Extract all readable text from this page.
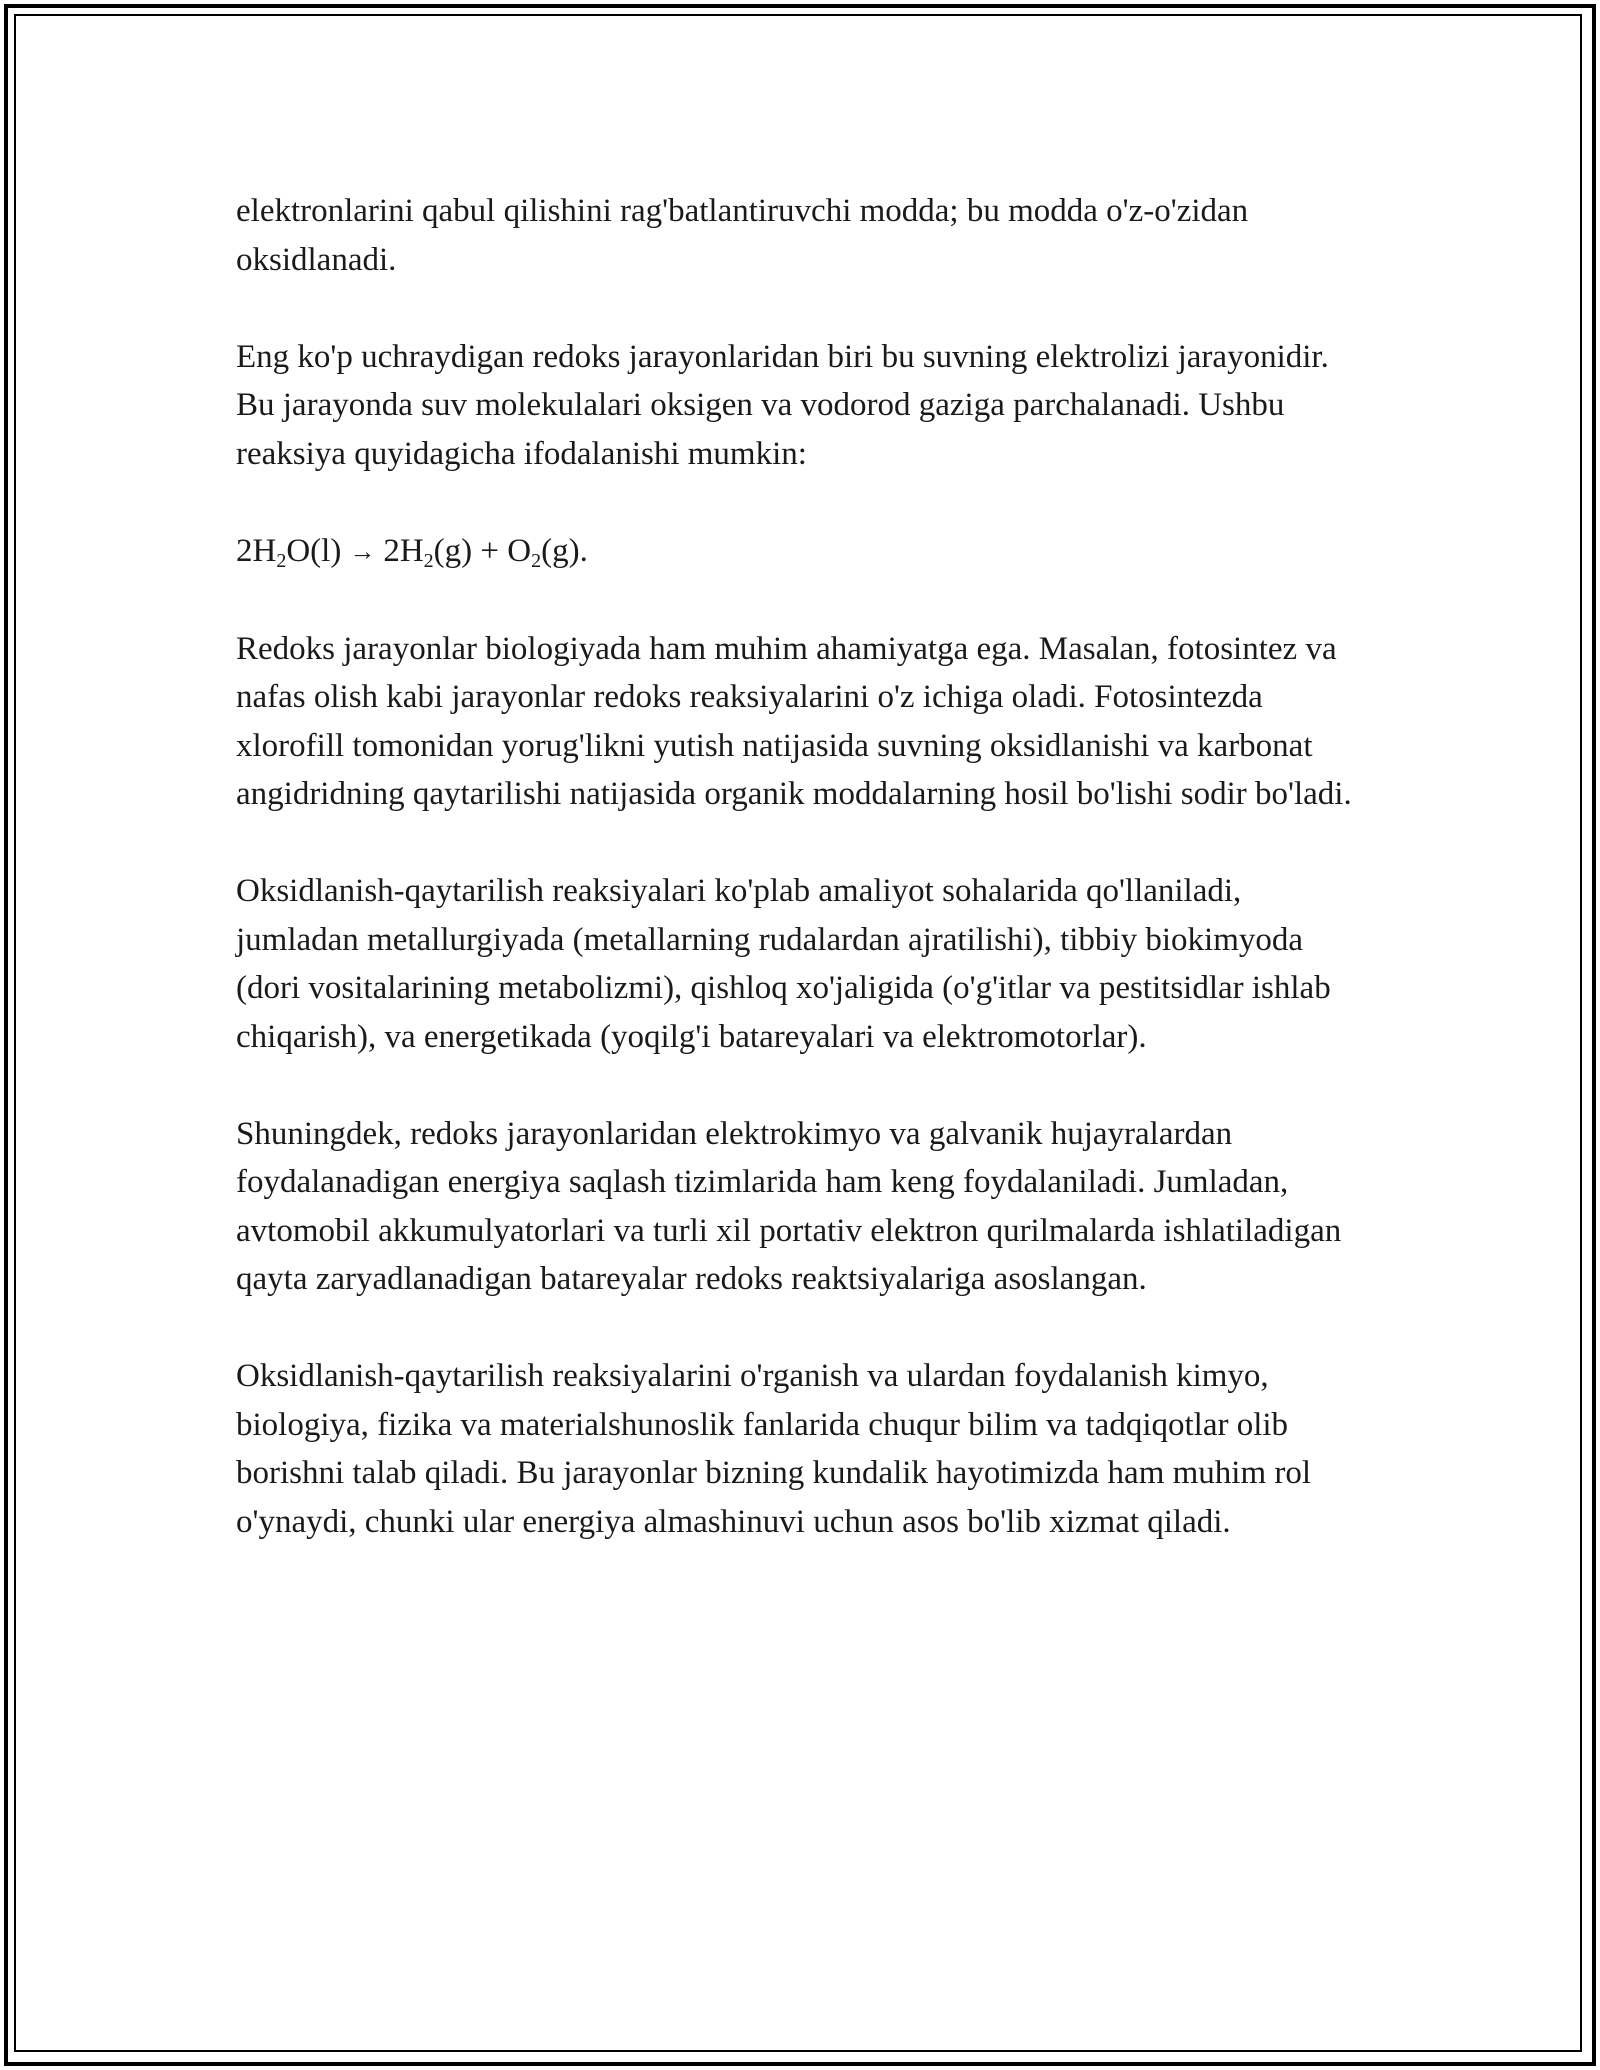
elektronlarini qabul qilishini rag'batlantiruvchi modda; bu modda o'z-o'zidan oksidlanadi.

Eng ko'p uchraydigan redoks jarayonlaridan biri bu suvning elektrolizi jarayonidir. Bu jarayonda suv molekulalari oksigen va vodorod gaziga parchalanadi. Ushbu reaksiya quyidagicha ifodalanishi mumkin:

$2H_2O(l) \to 2H_2(g) + O_2(g)$.

Redoks jarayonlar biologiyada ham muhim ahamiyatga ega. Masalan, fotosintez va nafas olish kabi jarayonlar redoks reaksiyalarini o'z ichiga oladi. Fotosintezda xlorofill tomonidan yorug'likni yutish natijasida suvning oksidlanishi va karbonat angidridning qaytarilishi natijasida organik moddalarning hosil bo'lishi sodir bo'ladi.

Oksidlanish-qaytarilish reaksiyalari ko'plab amaliyot sohalarida qo'llaniladi, jumladan metallurgiyada (metallarning rudalardan ajratilishi), tibbiy biokimyoda (dori vositalarining metabolizmi), qishloq xo'jaligida (o'g'itlar va pestitsidlar ishlab chiqarish), va energetikada (yoqilg'i batareyalari va elektromotorlar).

Shuningdek, redoks jarayonlaridan elektrokimyo va galvanik hujayralardan foydalanadigan energiya saqlash tizimlarida ham keng foydalaniladi. Jumladan, avtomobil akkumulyatorlari va turli xil portativ elektron qurilmalarda ishlatiladigan qayta zaryadlanadigan batareyalar redoks reaktsiyalariga asoslangan.

Oksidlanish-qaytarilish reaksiyalarini o'rganish va ulardan foydalanish kimyo, biologiya, fizika va materialshunoslik fanlarida chuqur bilim va tadqiqotlar olib borishni talab qiladi. Bu jarayonlar bizning kundalik hayotimizda ham muhim rol o'ynaydi, chunki ular energiya almashinuvi uchun asos bo'lib xizmat qiladi.
